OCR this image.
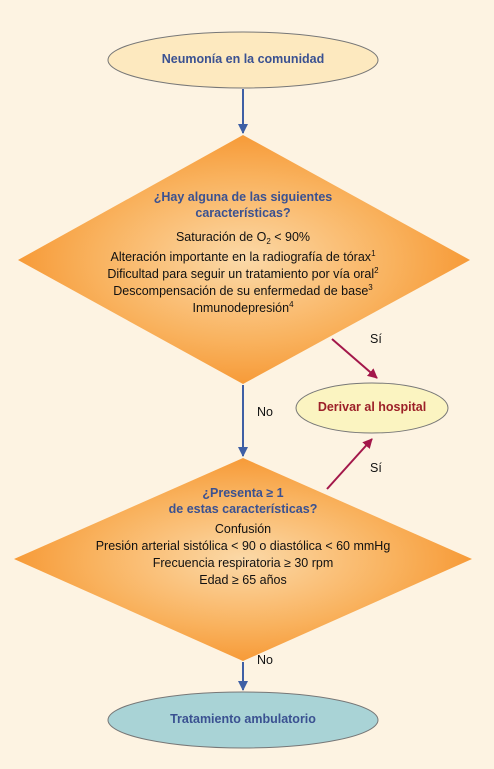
Neumonía en la comunidad
¿Hay alguna de las siguientes
características?
Saturación de $O_2 < 90\%$
Alteración importante en la radiografía de tórax$^1$
Dificultad para seguir un tratamiento por vía oral$^2$
Descompensación de su enfermedad de base$^3$
Inmunodepresión$^4$
Sí
No
Sí
No
Derivar al hospital
¿Presenta ≥ 1
de estas características?
Confusión
Presión arterial sistólica < 90 o diastólica < 60 mmHg
Frecuencia respiratoria ≥ 30 rpm
Edad ≥ 65 años
Tratamiento ambulatorio
